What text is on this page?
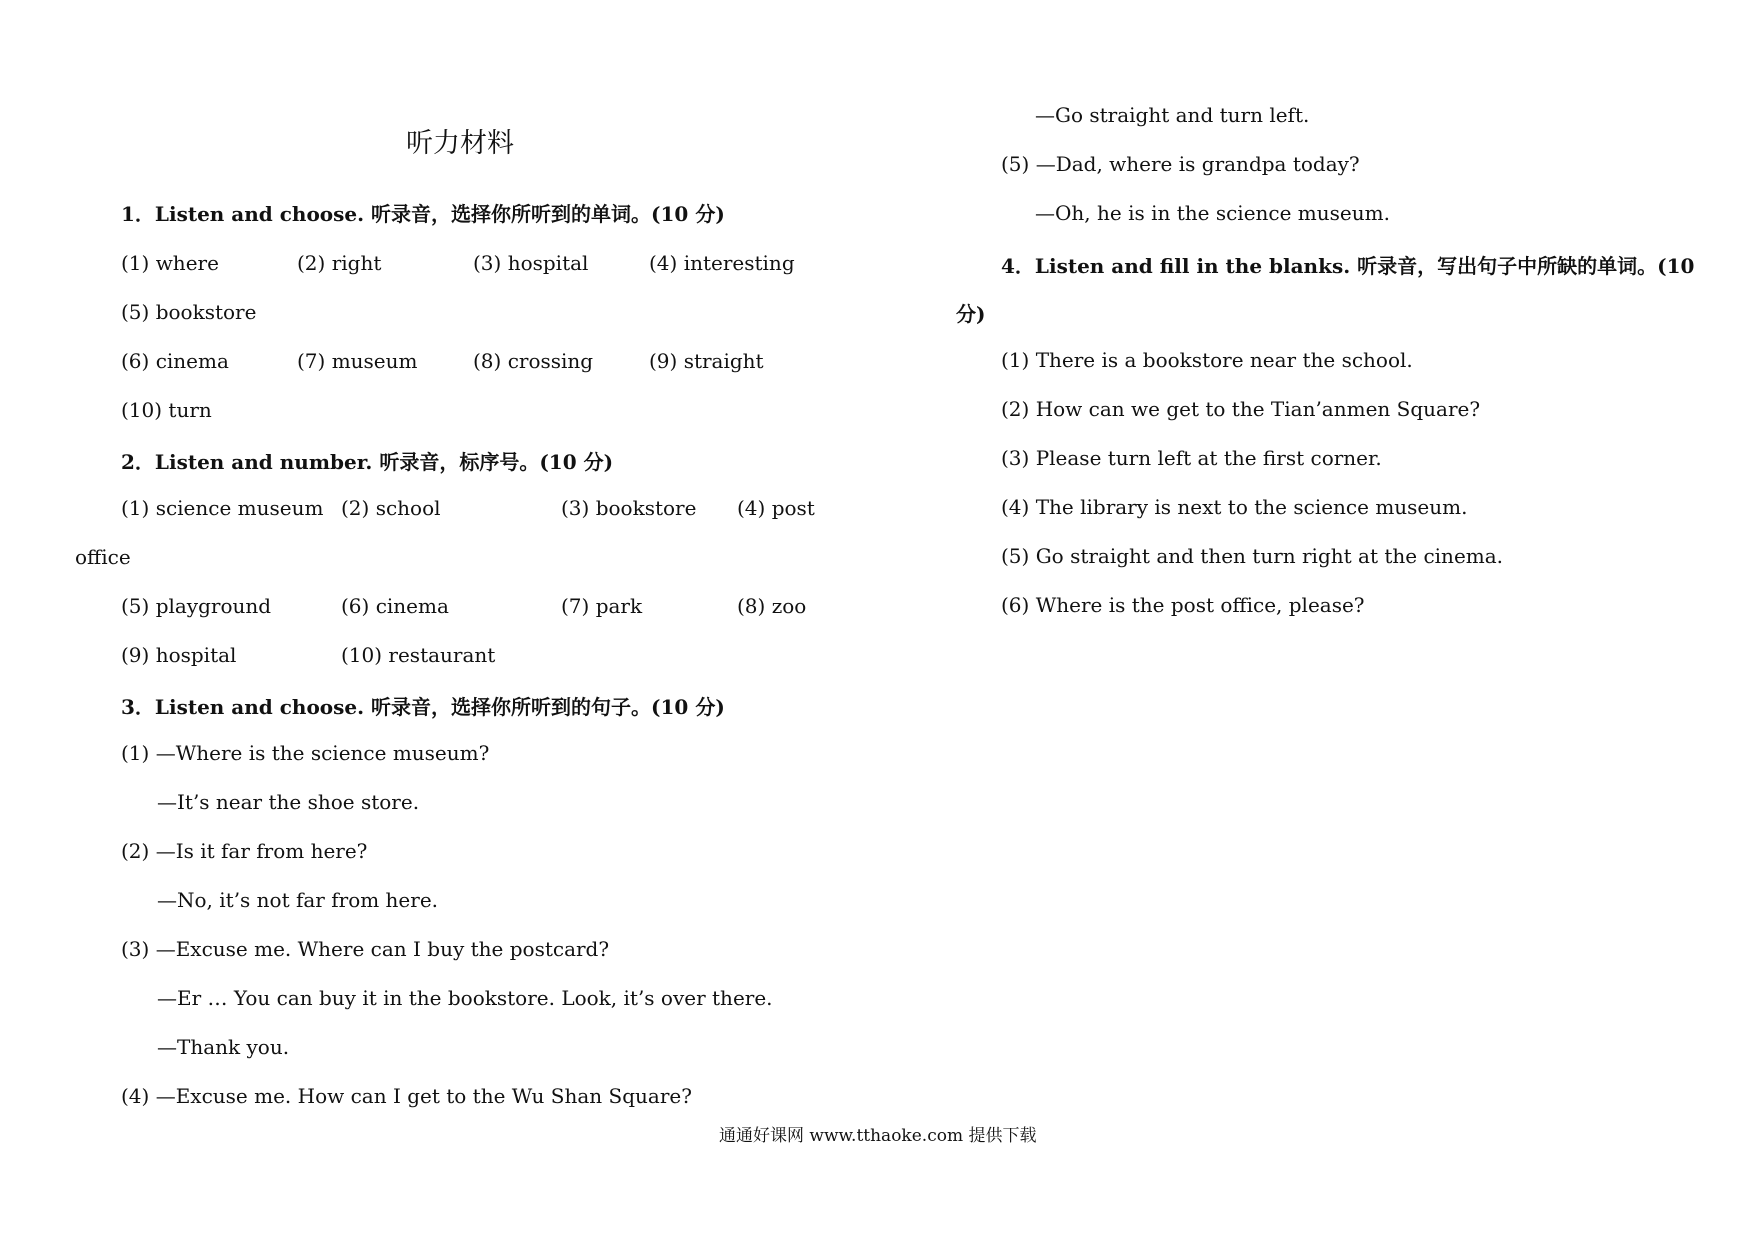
听力材料
1．Listen and choose. 听录音，选择你所听到的单词。(10 分)
(1) where	(2) right	(3) hospital	(4) interesting
(5) bookstore
(6) cinema	(7) museum	(8) crossing	(9) straight
(10) turn
2．Listen and number. 听录音，标序号。(10 分)
(1) science museum (2) school	(3) bookstore (4) post
office
(5) playground	(6) cinema	(7) park	(8) zoo
(9) hospital	(10) restaurant
3．Listen and choose. 听录音，选择你所听到的句子。(10 分)
(1) —Where is the science museum?
—It’s near the shoe store.
(2) —Is it far from here?
—No, it’s not far from here.
(3) —Excuse me. Where can I buy the postcard?
—Er … You can buy it in the bookstore. Look, it’s over there.
—Thank you.
(4) —Excuse me. How can I get to the Wu Shan Square?
—Go straight and turn left.
(5) —Dad, where is grandpa today?
—Oh, he is in the science museum.
4．Listen and fill in the blanks. 听录音，写出句子中所缺的单词。(10
分)
(1) There is a bookstore near the school.
(2) How can we get to the Tian’anmen Square?
(3) Please turn left at the first corner.
(4) The library is next to the science museum.
(5) Go straight and then turn right at the cinema.
(6) Where is the post office, please?
通通好课网 www.tthaoke.com 提供下载
